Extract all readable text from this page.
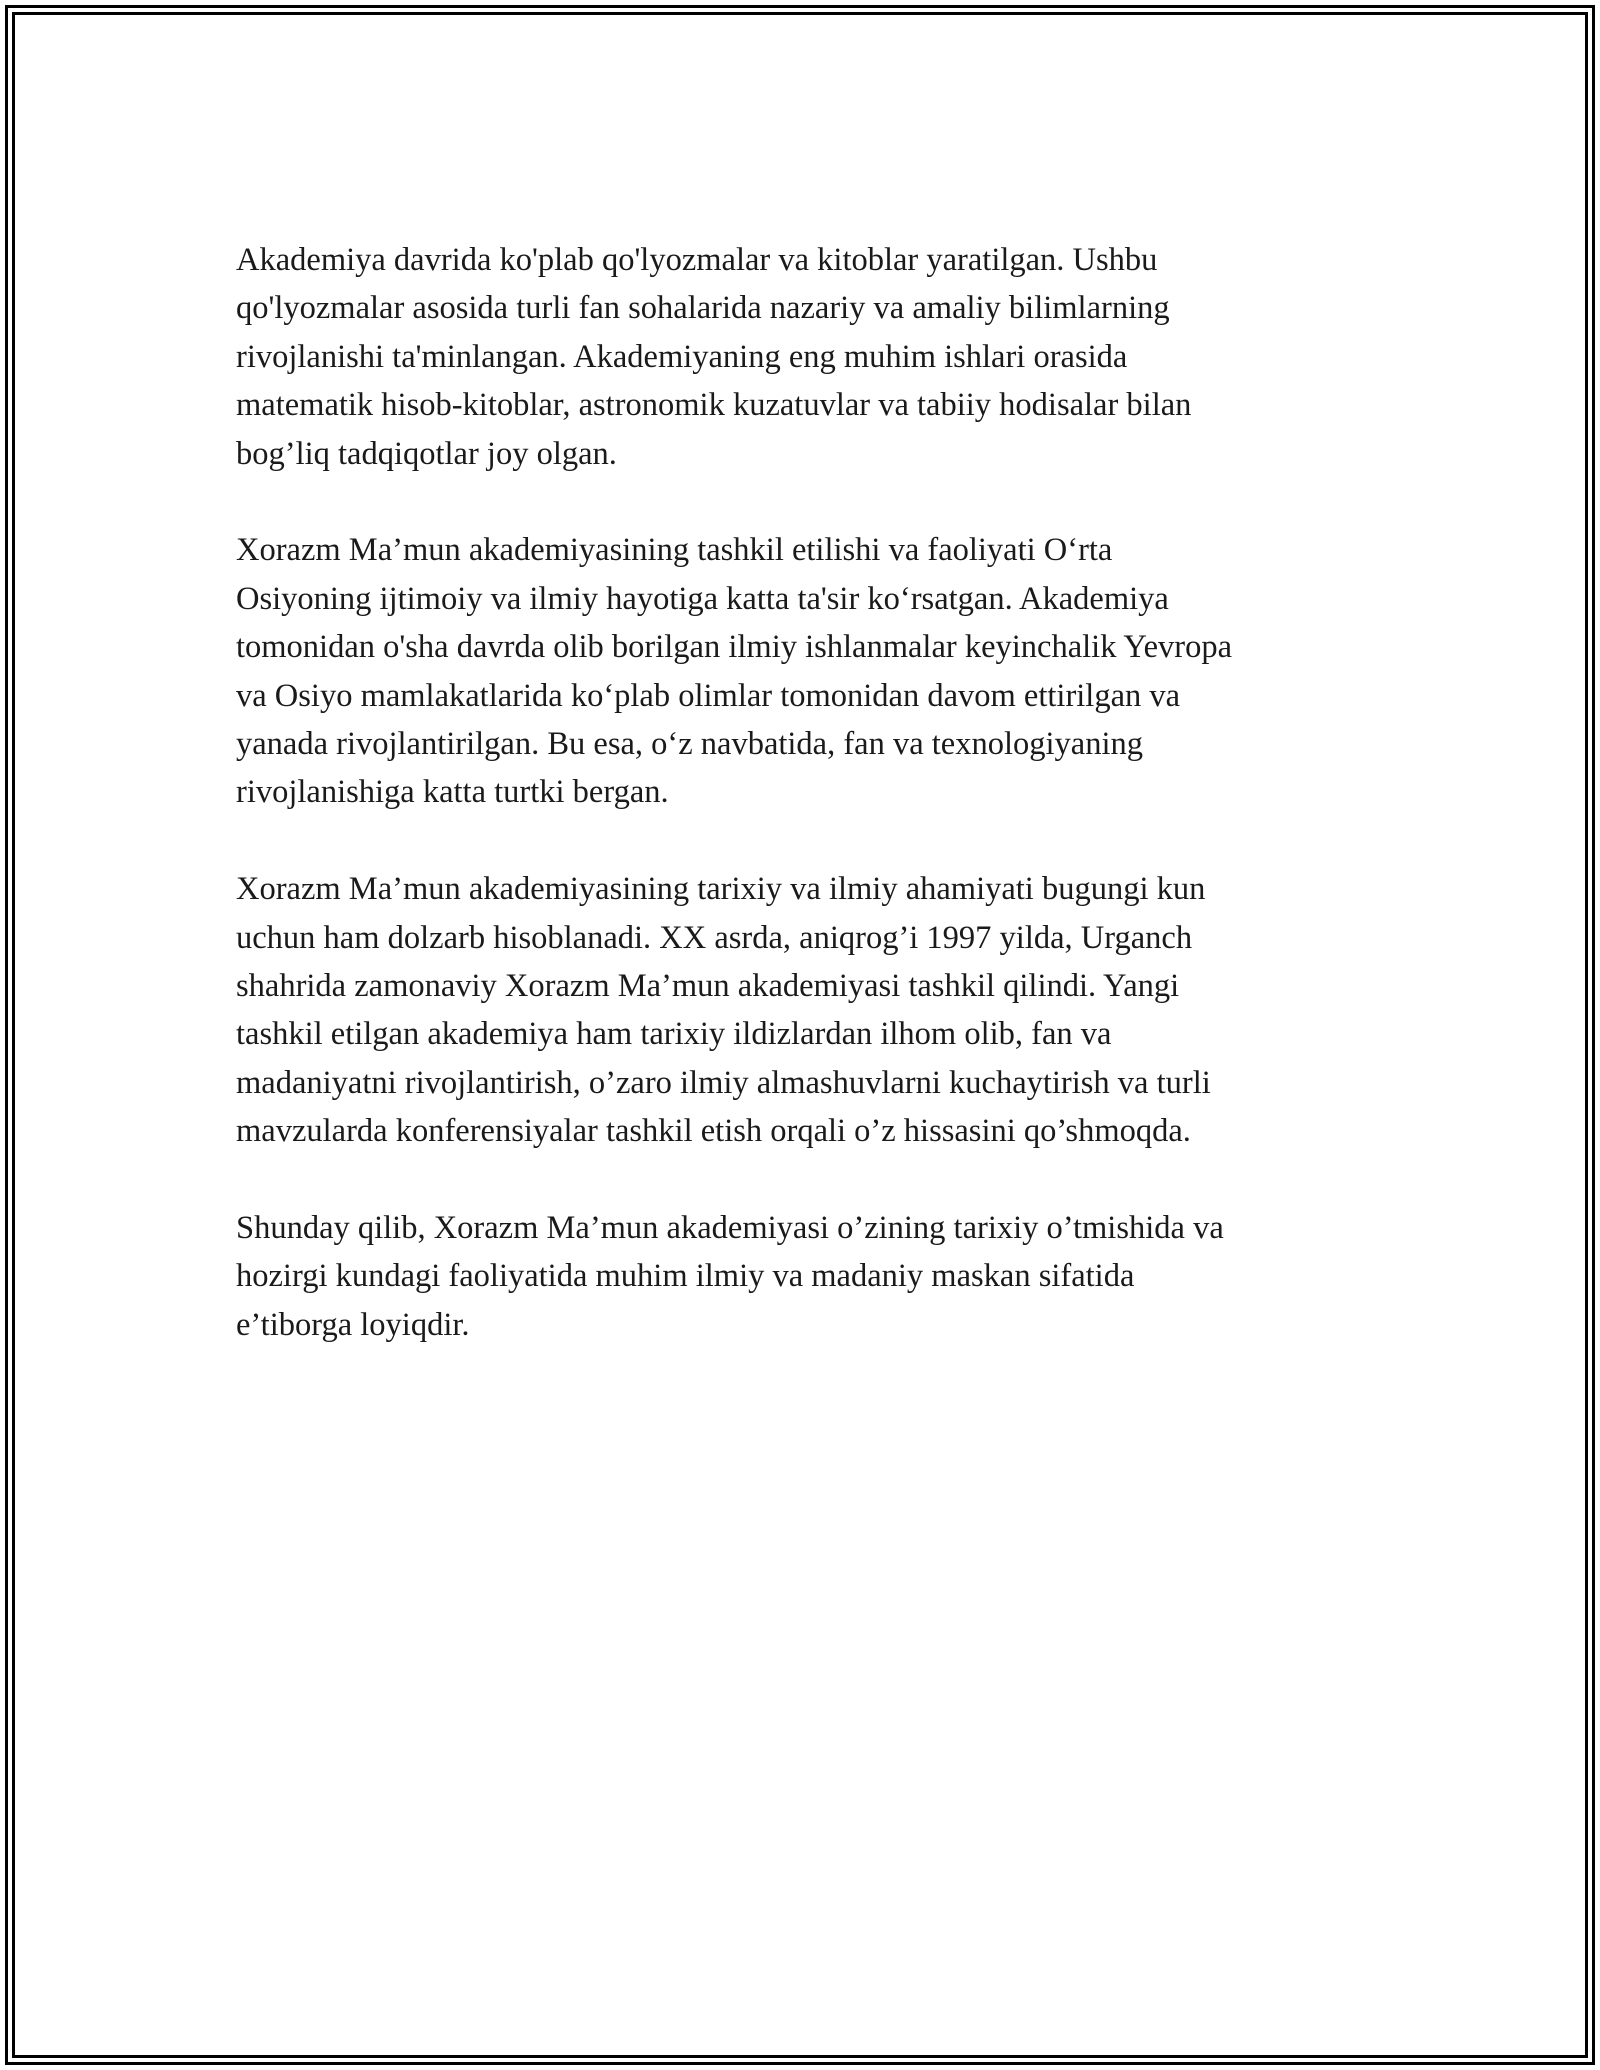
Akademiya davrida ko'plab qo'lyozmalar va kitoblar yaratilgan. Ushbu
qo'lyozmalar asosida turli fan sohalarida nazariy va amaliy bilimlarning
rivojlanishi ta'minlangan. Akademiyaning eng muhim ishlari orasida
matematik hisob-kitoblar, astronomik kuzatuvlar va tabiiy hodisalar bilan
bog’liq tadqiqotlar joy olgan.

Xorazm Ma’mun akademiyasining tashkil etilishi va faoliyati O‘rta
Osiyoning ijtimoiy va ilmiy hayotiga katta ta'sir ko‘rsatgan. Akademiya
tomonidan o'sha davrda olib borilgan ilmiy ishlanmalar keyinchalik Yevropa
va Osiyo mamlakatlarida ko‘plab olimlar tomonidan davom ettirilgan va
yanada rivojlantirilgan. Bu esa, o‘z navbatida, fan va texnologiyaning
rivojlanishiga katta turtki bergan.

Xorazm Ma’mun akademiyasining tarixiy va ilmiy ahamiyati bugungi kun
uchun ham dolzarb hisoblanadi. XX asrda, aniqrog’i 1997 yilda, Urganch
shahrida zamonaviy Xorazm Ma’mun akademiyasi tashkil qilindi. Yangi
tashkil etilgan akademiya ham tarixiy ildizlardan ilhom olib, fan va
madaniyatni rivojlantirish, o’zaro ilmiy almashuvlarni kuchaytirish va turli
mavzularda konferensiyalar tashkil etish orqali o’z hissasini qo’shmoqda.

Shunday qilib, Xorazm Ma’mun akademiyasi o’zining tarixiy o’tmishida va
hozirgi kundagi faoliyatida muhim ilmiy va madaniy maskan sifatida
e’tiborga loyiqdir.
